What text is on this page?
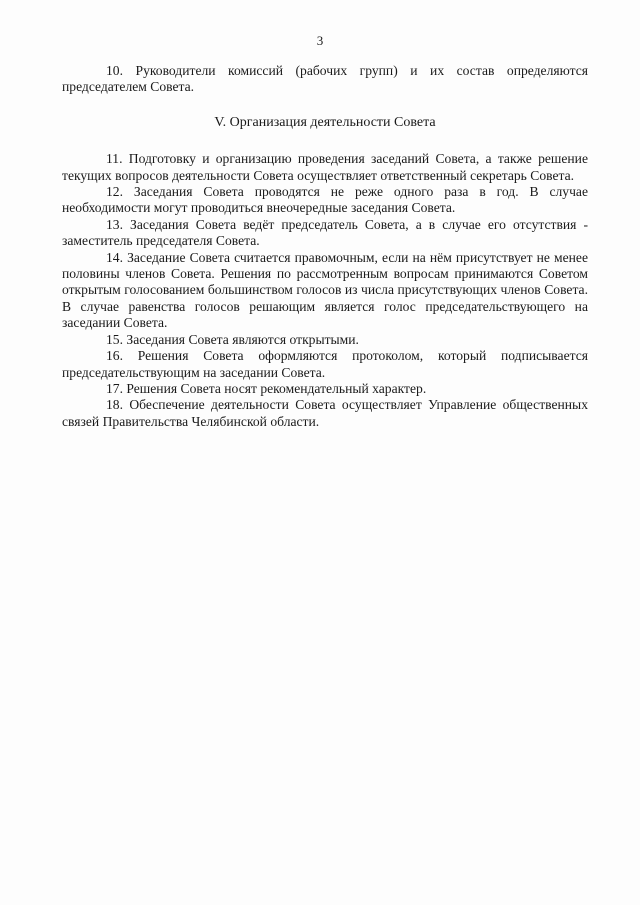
3

10. Руководители комиссий (рабочих групп) и их состав определяются председателем Совета.

V. Организация деятельности Совета

11. Подготовку и организацию проведения заседаний Совета, а также решение текущих вопросов деятельности Совета осуществляет ответственный секретарь Совета.

12. Заседания Совета проводятся не реже одного раза в год. В случае необходимости могут проводиться внеочередные заседания Совета.

13. Заседания Совета ведёт председатель Совета, а в случае его отсутствия - заместитель председателя Совета.

14. Заседание Совета считается правомочным, если на нём присутствует не менее половины членов Совета. Решения по рассмотренным вопросам принимаются Советом открытым голосованием большинством голосов из числа присутствующих членов Совета. В случае равенства голосов решающим является голос председательствующего на заседании Совета.

15. Заседания Совета являются открытыми.

16. Решения Совета оформляются протоколом, который подписывается председательствующим на заседании Совета.

17. Решения Совета носят рекомендательный характер.

18. Обеспечение деятельности Совета осуществляет Управление общественных связей Правительства Челябинской области.
